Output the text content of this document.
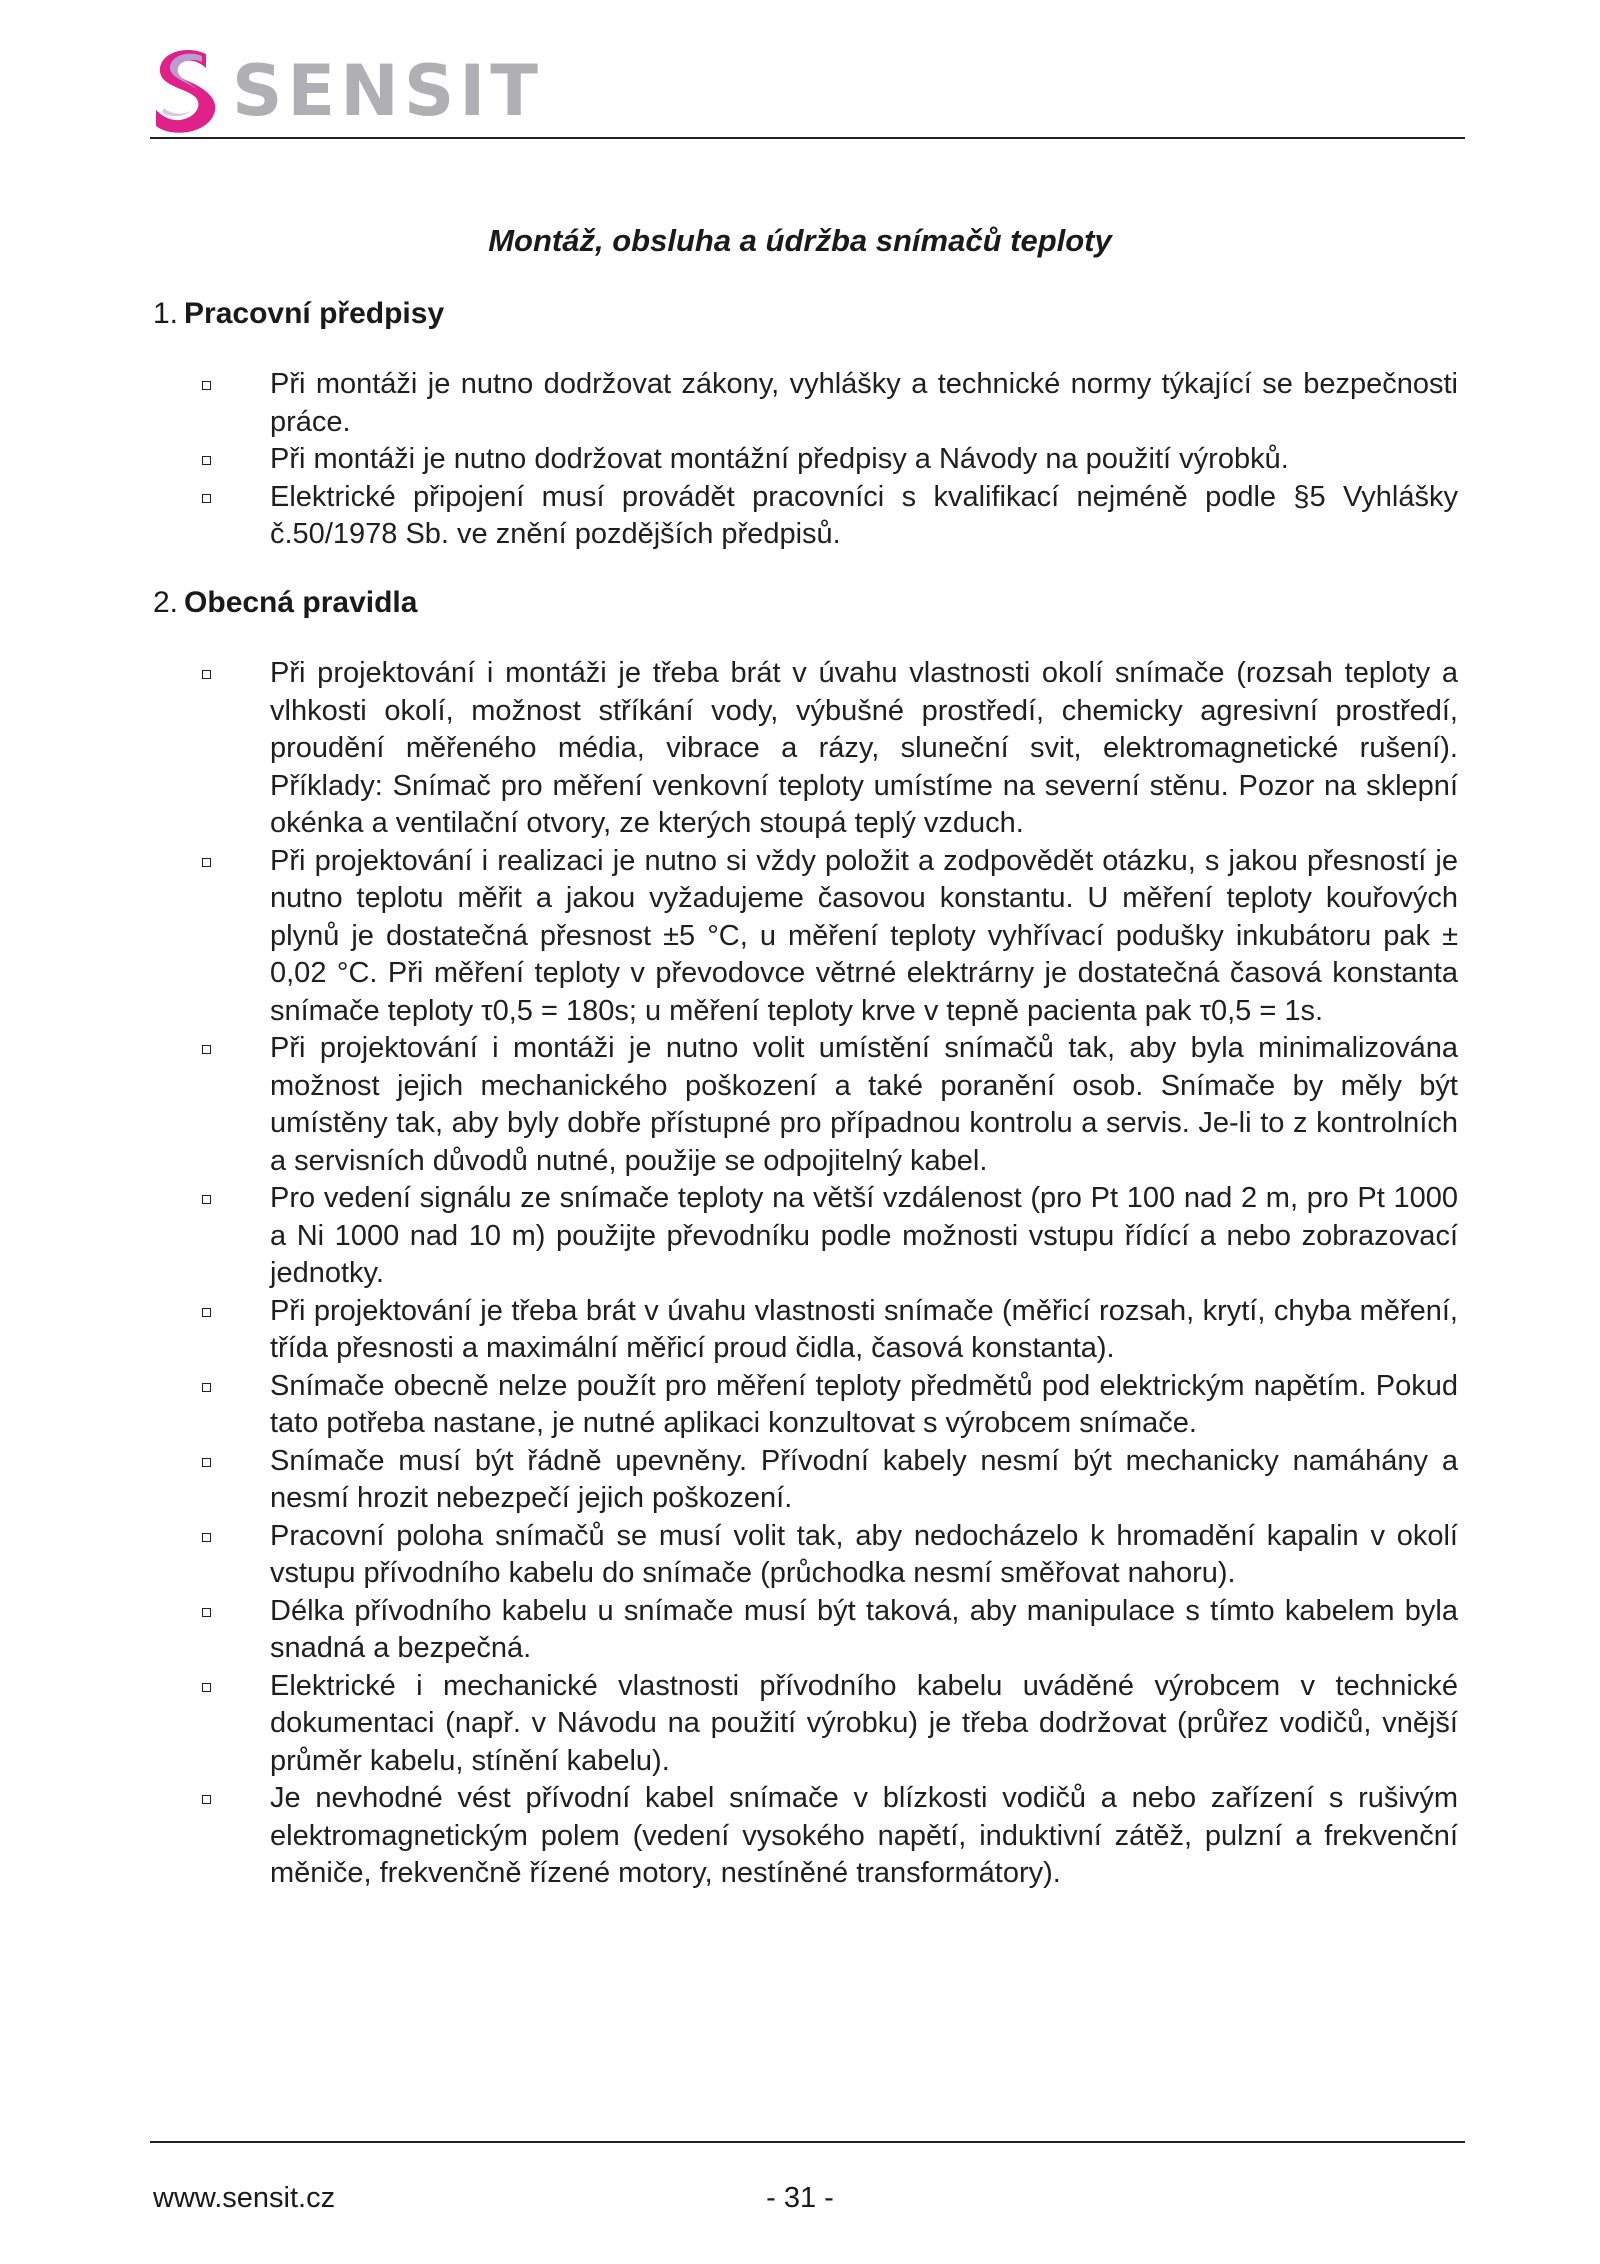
SENSIT
Montáž, obsluha a údržba snímačů teploty
1. Pracovní předpisy
Při montáži je nutno dodržovat zákony, vyhlášky a technické normy týkající se bezpečnosti práce.
Při montáži je nutno dodržovat montážní předpisy a Návody na použití výrobků.
Elektrické připojení musí provádět pracovníci s kvalifikací nejméně podle §5 Vyhlášky č.50/1978 Sb. ve znění pozdějších předpisů.
2. Obecná pravidla
Při projektování i montáži je třeba brát v úvahu vlastnosti okolí snímače (rozsah teploty a vlhkosti okolí, možnost stříkání vody, výbušné prostředí, chemicky agresivní prostředí, proudění měřeného média, vibrace a rázy, sluneční svit, elektromagnetické rušení). Příklady: Snímač pro měření venkovní teploty umístíme na severní stěnu. Pozor na sklepní okénka a ventilační otvory, ze kterých stoupá teplý vzduch.
Při projektování i realizaci je nutno si vždy položit a zodpovědět otázku, s jakou přesností je nutno teplotu měřit a jakou vyžadujeme časovou konstantu. U měření teploty kouřových plynů je dostatečná přesnost ±5 °C, u měření teploty vyhřívací podušky inkubátoru pak ± 0,02 °C. Při měření teploty v převodovce větrné elektrárny je dostatečná časová konstanta snímače teploty τ0,5 = 180s; u měření teploty krve v tepně pacienta pak τ0,5 = 1s.
Při projektování i montáži je nutno volit umístění snímačů tak, aby byla minimalizována možnost jejich mechanického poškození a také poranění osob. Snímače by měly být umístěny tak, aby byly dobře přístupné pro případnou kontrolu a servis. Je-li to z kontrolních a servisních důvodů nutné, použije se odpojitelný kabel.
Pro vedení signálu ze snímače teploty na větší vzdálenost (pro Pt 100 nad 2 m, pro Pt 1000 a Ni 1000 nad 10 m) použijte převodníku podle možnosti vstupu řídící a nebo zobrazovací jednotky.
Při projektování je třeba brát v úvahu vlastnosti snímače (měřicí rozsah, krytí, chyba měření, třída přesnosti a maximální měřicí proud čidla, časová konstanta).
Snímače obecně nelze použít pro měření teploty předmětů pod elektrickým napětím. Pokud tato potřeba nastane, je nutné aplikaci konzultovat s výrobcem snímače.
Snímače musí být řádně upevněny. Přívodní kabely nesmí být mechanicky namáhány a nesmí hrozit nebezpečí jejich poškození.
Pracovní poloha snímačů se musí volit tak, aby nedocházelo k hromadění kapalin v okolí vstupu přívodního kabelu do snímače (průchodka nesmí směřovat nahoru).
Délka přívodního kabelu u snímače musí být taková, aby manipulace s tímto kabelem byla snadná a bezpečná.
Elektrické i mechanické vlastnosti přívodního kabelu uváděné výrobcem v technické dokumentaci (např. v Návodu na použití výrobku) je třeba dodržovat (průřez vodičů, vnější průměr kabelu, stínění kabelu).
Je nevhodné vést přívodní kabel snímače v blízkosti vodičů a nebo zařízení s rušivým elektromagnetickým polem (vedení vysokého napětí, induktivní zátěž, pulzní a frekvenční měniče, frekvenčně řízené motory, nestíněné transformátory).
www.sensit.cz	- 31 -
